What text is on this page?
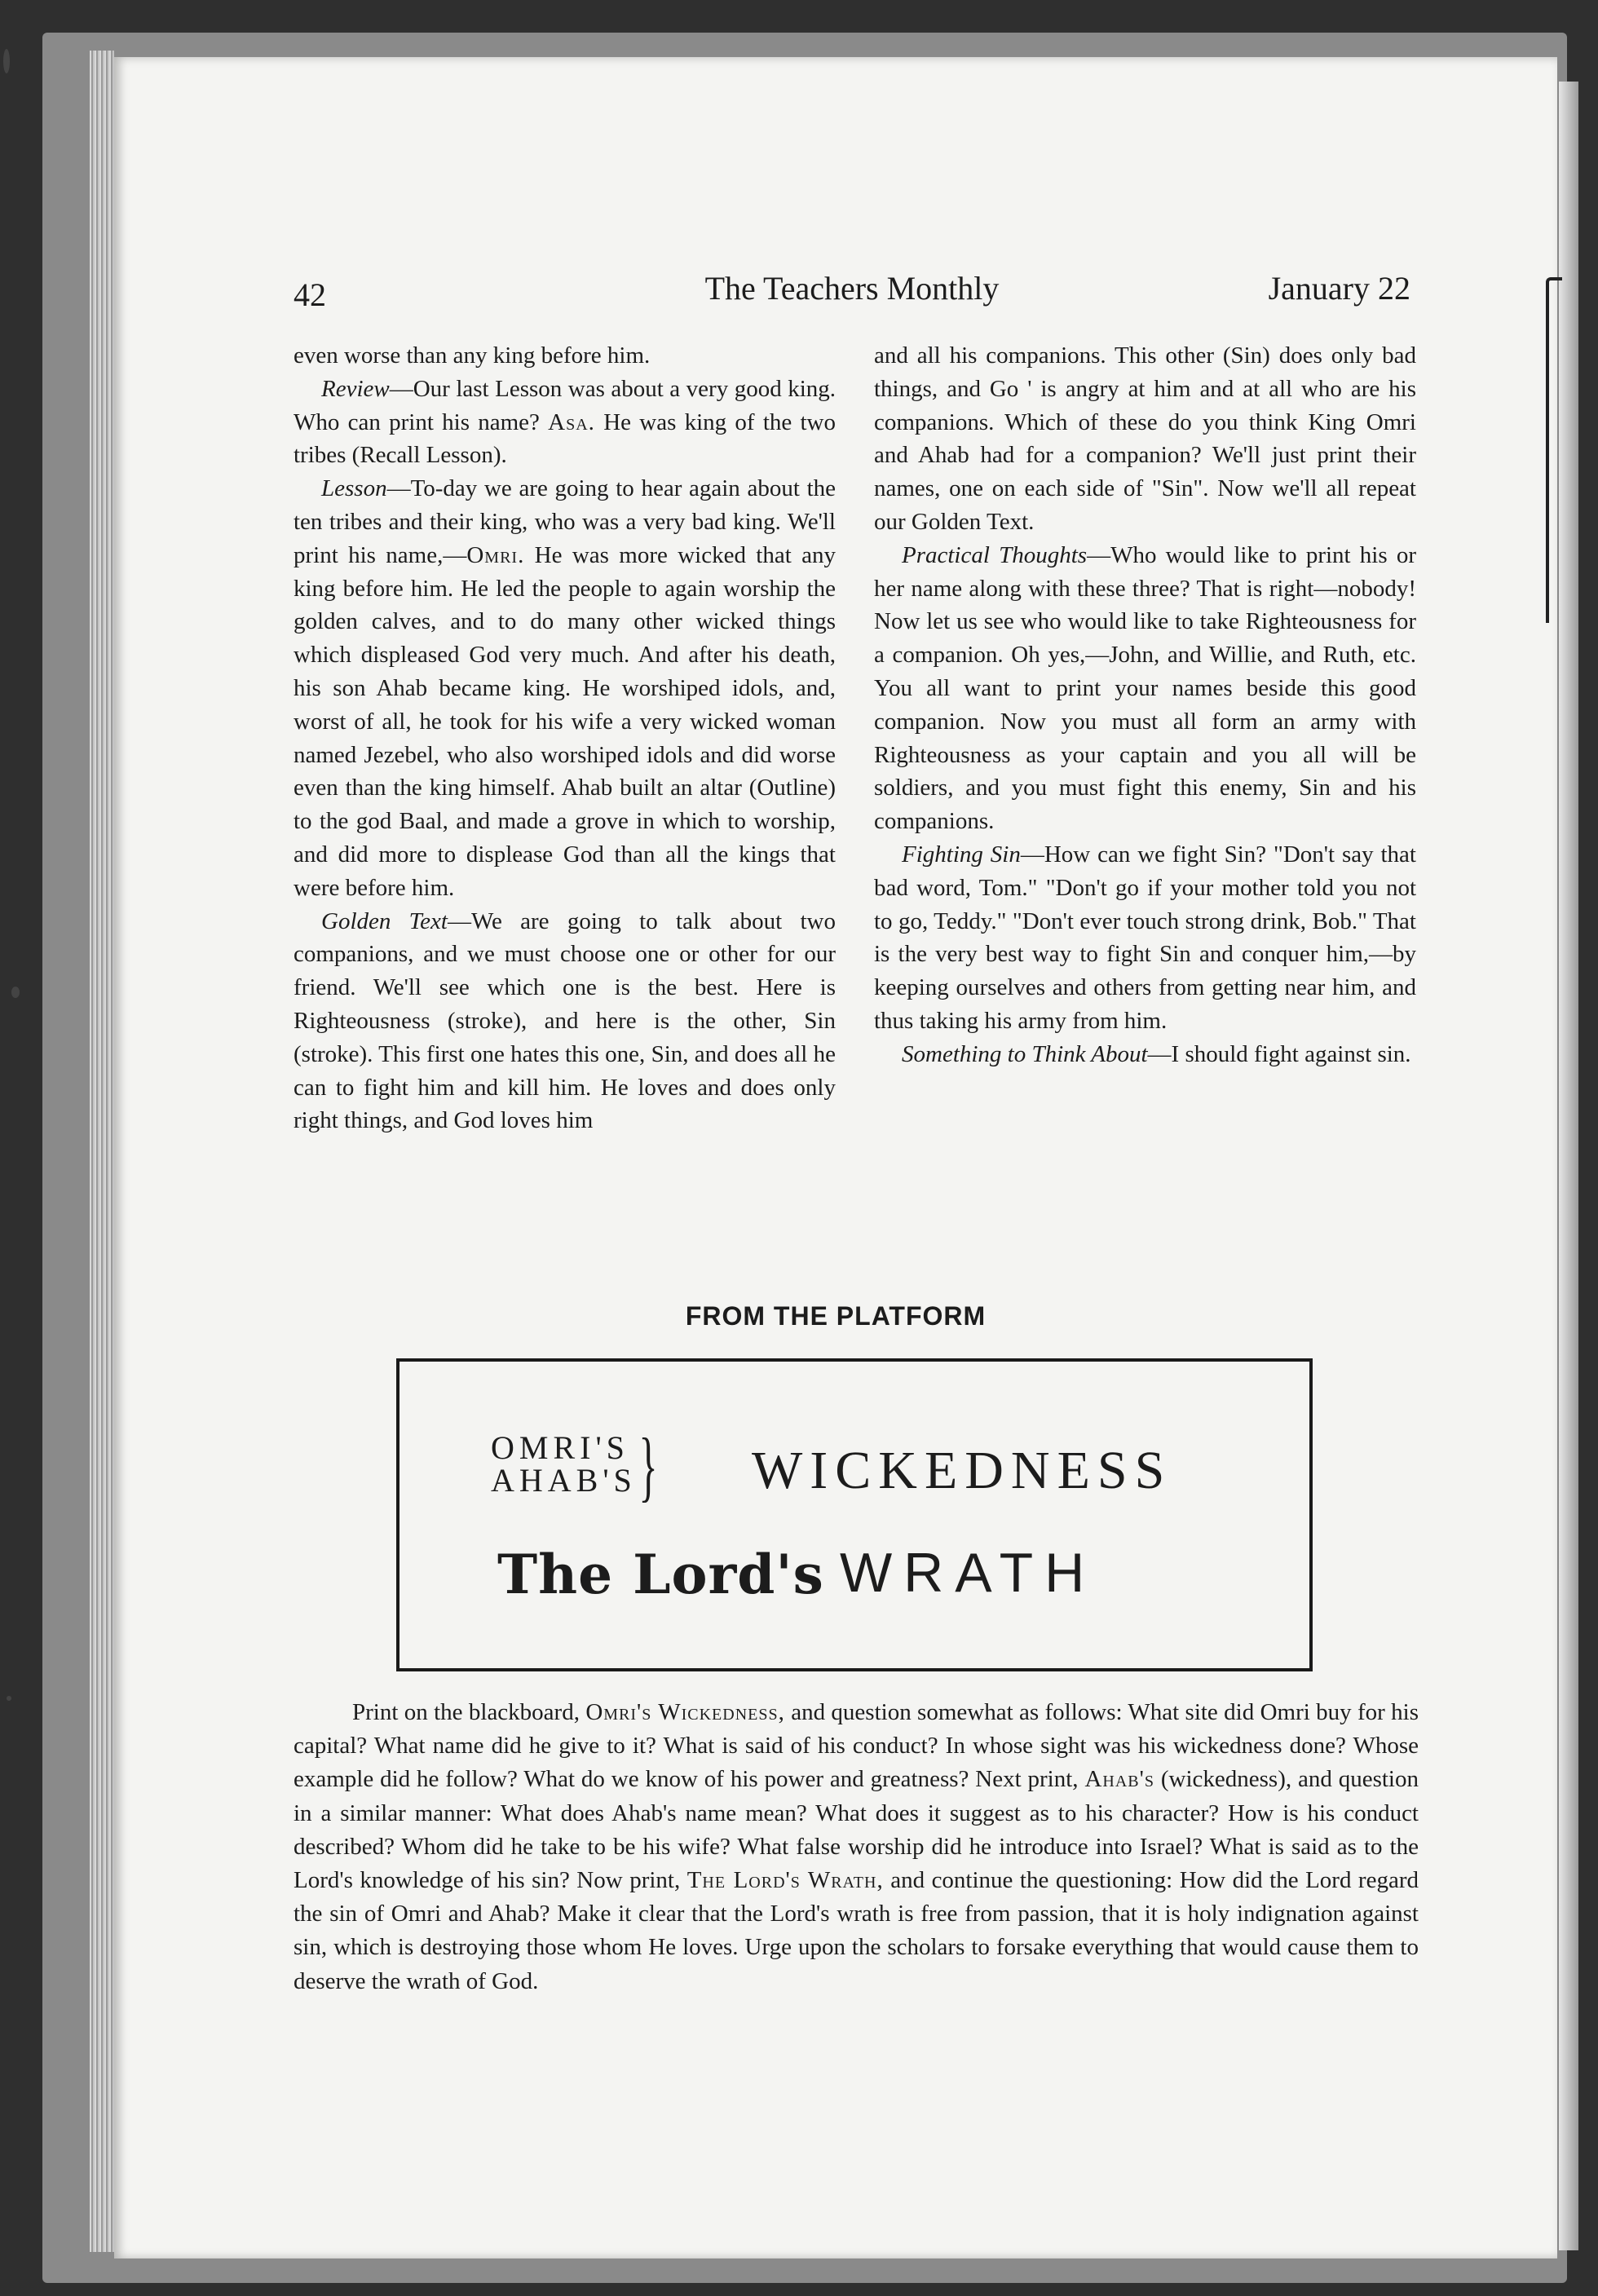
42	The Teachers Monthly	January 22

even worse than any king before him.

Review—Our last Lesson was about a very good king. Who can print his name? Asa. He was king of the two tribes (Recall Lesson).

Lesson—To-day we are going to hear again about the ten tribes and their king, who was a very bad king. We'll print his name,—Omri. He was more wicked that any king before him. He led the people to again worship the golden calves, and to do many other wicked things which displeased God very much. And after his death, his son Ahab became king. He worshiped idols, and, worst of all, he took for his wife a very wicked woman named Jezebel, who also worshiped idols and did worse even than the king himself. Ahab built an altar (Outline) to the god Baal, and made a grove in which to worship, and did more to displease God than all the kings that were before him.

Golden Text—We are going to talk about two companions, and we must choose one or other for our friend. We'll see which one is the best. Here is Righteousness (stroke), and here is the other, Sin (stroke). This first one hates this one, Sin, and does all he can to fight him and kill him. He loves and does only right things, and God loves him

and all his companions. This other (Sin) does only bad things, and Go ' is angry at him and at all who are his companions. Which of these do you think King Omri and Ahab had for a companion? We'll just print their names, one on each side of "Sin". Now we'll all repeat our Golden Text.

Practical Thoughts—Who would like to print his or her name along with these three? That is right—nobody! Now let us see who would like to take Righteousness for a companion. Oh yes,—John, and Willie, and Ruth, etc. You all want to print your names beside this good companion. Now you must all form an army with Righteousness as your captain and you all will be soldiers, and you must fight this enemy, Sin and his companions.

Fighting Sin—How can we fight Sin? "Don't say that bad word, Tom." "Don't go if your mother told you not to go, Teddy." "Don't ever touch strong drink, Bob." That is the very best way to fight Sin and conquer him,—by keeping ourselves and others from getting near him, and thus taking his army from him.

Something to Think About—I should fight against sin.

FROM THE PLATFORM
OMRI'S
AHAB'S } WICKEDNESS
The Lord's WRATH

Print on the blackboard, Omri's Wickedness, and question somewhat as follows: What site did Omri buy for his capital? What name did he give to it? What is said of his conduct? In whose sight was his wickedness done? Whose example did he follow? What do we know of his power and greatness? Next print, Ahab's (wickedness), and question in a similar manner: What does Ahab's name mean? What does it suggest as to his character? How is his conduct described? Whom did he take to be his wife? What false worship did he introduce into Israel? What is said as to the Lord's knowledge of his sin? Now print, The Lord's Wrath, and continue the questioning: How did the Lord regard the sin of Omri and Ahab? Make it clear that the Lord's wrath is free from passion, that it is holy indignation against sin, which is destroying those whom He loves. Urge upon the scholars to forsake everything that would cause them to deserve the wrath of God.
